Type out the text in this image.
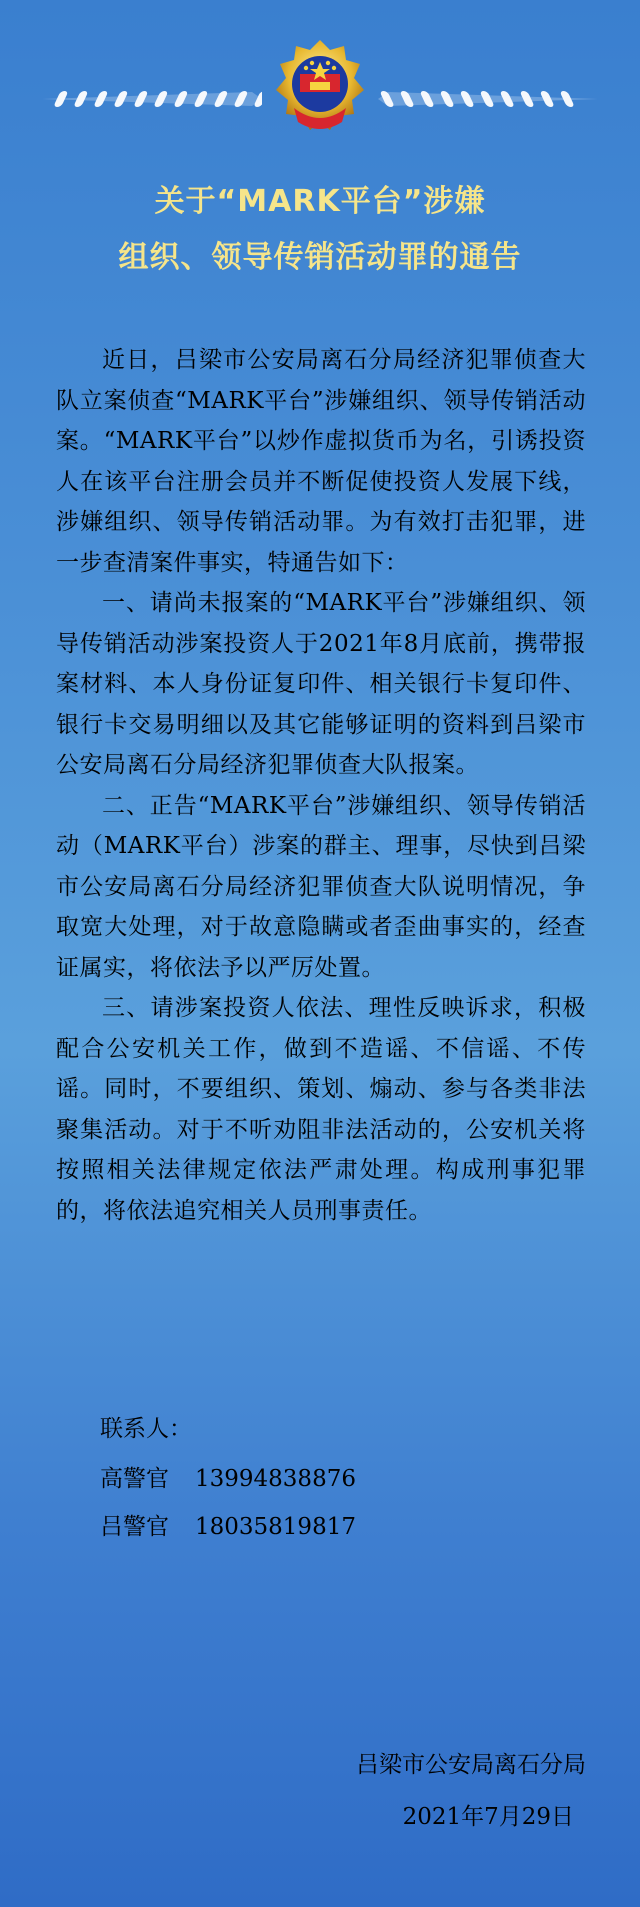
关于“MARK平台”涉嫌
组织、领导传销活动罪的通告

近日，吕梁市公安局离石分局经济犯罪侦查大队立案侦查“MARK平台”涉嫌组织、领导传销活动案。“MARK平台”以炒作虚拟货币为名，引诱投资人在该平台注册会员并不断促使投资人发展下线，涉嫌组织、领导传销活动罪。为有效打击犯罪，进一步查清案件事实，特通告如下：

一、请尚未报案的“MARK平台”涉嫌组织、领导传销活动涉案投资人于2021年8月底前，携带报案材料、本人身份证复印件、相关银行卡复印件、银行卡交易明细以及其它能够证明的资料到吕梁市公安局离石分局经济犯罪侦查大队报案。

二、正告“MARK平台”涉嫌组织、领导传销活动（MARK平台）涉案的群主、理事，尽快到吕梁市公安局离石分局经济犯罪侦查大队说明情况，争取宽大处理，对于故意隐瞒或者歪曲事实的，经查证属实，将依法予以严厉处置。

三、请涉案投资人依法、理性反映诉求，积极配合公安机关工作，做到不造谣、不信谣、不传谣。同时，不要组织、策划、煽动、参与各类非法聚集活动。对于不听劝阻非法活动的，公安机关将按照相关法律规定依法严肃处理。构成刑事犯罪的，将依法追究相关人员刑事责任。

联系人：
高警官 13994838876
吕警官 18035819817
吕梁市公安局离石分局
2021年7月29日
